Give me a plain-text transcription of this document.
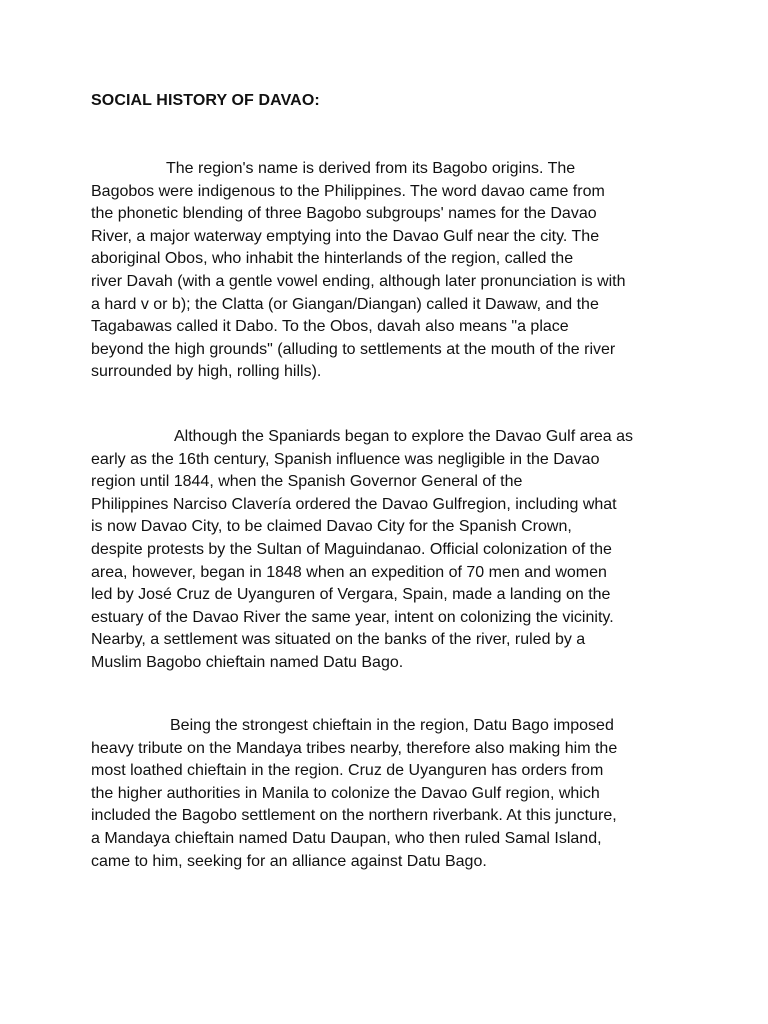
SOCIAL HISTORY OF DAVAO:

The region's name is derived from its Bagobo origins. The
Bagobos were indigenous to the Philippines. The word davao came from
the phonetic blending of three Bagobo subgroups' names for the Davao
River, a major waterway emptying into the Davao Gulf near the city. The
aboriginal Obos, who inhabit the hinterlands of the region, called the
river Davah (with a gentle vowel ending, although later pronunciation is with
a hard v or b); the Clatta (or Giangan/Diangan) called it Dawaw, and the
Tagabawas called it Dabo. To the Obos, davah also means "a place
beyond the high grounds" (alluding to settlements at the mouth of the river
surrounded by high, rolling hills).

Although the Spaniards began to explore the Davao Gulf area as
early as the 16th century, Spanish influence was negligible in the Davao
region until 1844, when the Spanish Governor General of the
Philippines Narciso Clavería ordered the Davao Gulfregion, including what
is now Davao City, to be claimed Davao City for the Spanish Crown,
despite protests by the Sultan of Maguindanao. Official colonization of the
area, however, began in 1848 when an expedition of 70 men and women
led by José Cruz de Uyanguren of Vergara, Spain, made a landing on the
estuary of the Davao River the same year, intent on colonizing the vicinity.
Nearby, a settlement was situated on the banks of the river, ruled by a
Muslim Bagobo chieftain named Datu Bago.

Being the strongest chieftain in the region, Datu Bago imposed
heavy tribute on the Mandaya tribes nearby, therefore also making him the
most loathed chieftain in the region. Cruz de Uyanguren has orders from
the higher authorities in Manila to colonize the Davao Gulf region, which
included the Bagobo settlement on the northern riverbank. At this juncture,
a Mandaya chieftain named Datu Daupan, who then ruled Samal Island,
came to him, seeking for an alliance against Datu Bago.
